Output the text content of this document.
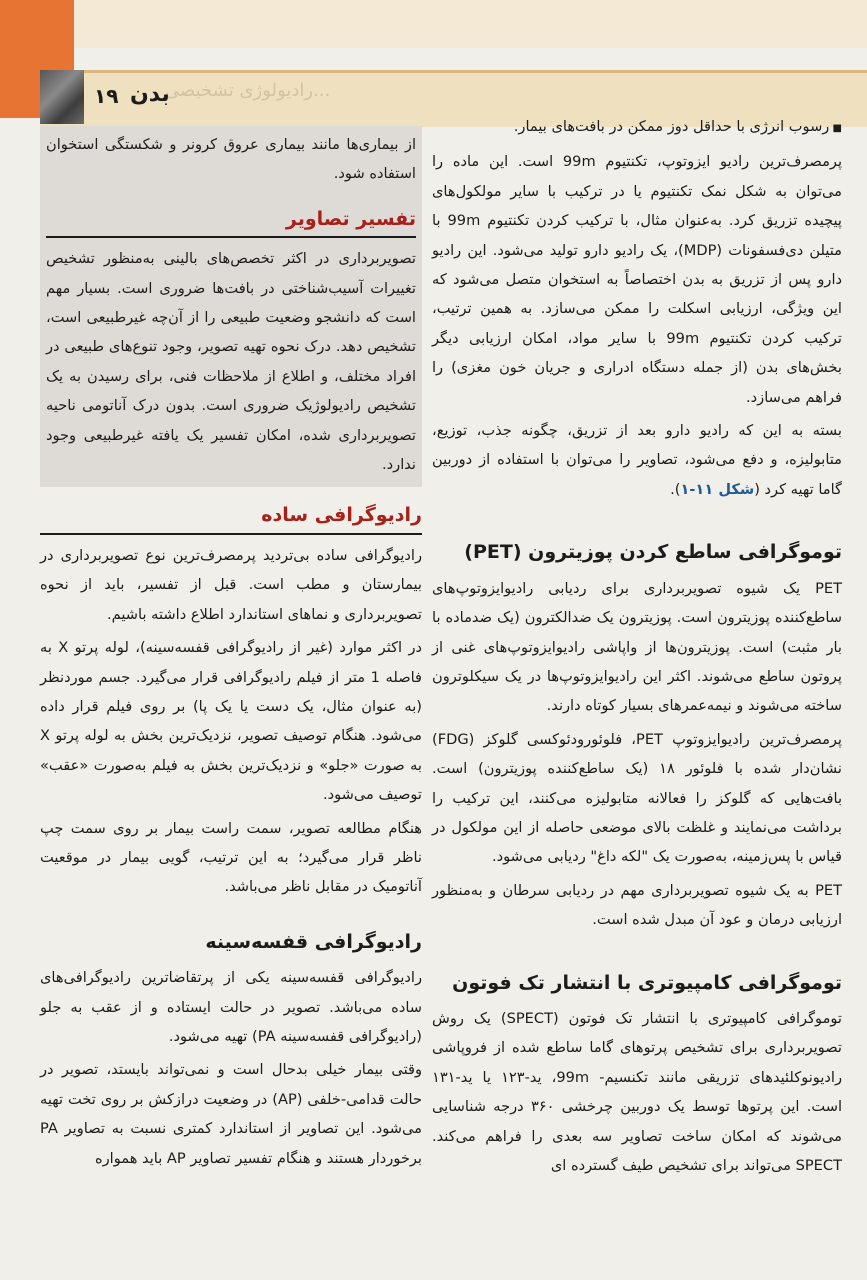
...رادیولوژی تشخیصی
۱۹ بدن

■ رسوب انرژی با حداقل دوز ممکن در بافت‌های بیمار.

پرمصرف‌ترین رادیو ایزوتوپ، تکنتیوم 99m است. این ماده را می‌توان به شکل نمک تکنتیوم یا در ترکیب با سایر مولکول‌های پیچیده تزریق کرد. به‌عنوان مثال، با ترکیب کردن تکنتیوم 99m با متیلن دی‌فسفونات (MDP)، یک رادیو دارو تولید می‌شود. این رادیو دارو پس از تزریق به بدن اختصاصاً به استخوان متصل می‌شود که این ویژگی، ارزیابی اسکلت را ممکن می‌سازد. به همین ترتیب، ترکیب کردن تکنتیوم 99m با سایر مواد، امکان ارزیابی دیگر بخش‌های بدن (از جمله دستگاه ادراری و جریان خون مغزی) را فراهم می‌سازد.

بسته به این که رادیو دارو بعد از تزریق، چگونه جذب، توزیع، متابولیزه، و دفع می‌شود، تصاویر را می‌توان با استفاده از دوربین گاما تهیه کرد (شکل ۱۱-۱).

توموگرافی ساطع کردن پوزیترون (PET)

PET یک شیوه تصویربرداری برای ردیابی رادیوایزوتوپ‌های ساطع‌کننده پوزیترون است. پوزیترون یک ضدالکترون (یک ضدماده با بار مثبت) است. پوزیترون‌ها از واپاشی رادیوایزوتوپ‌های غنی از پروتون ساطع می‌شوند. اکثر این رادیوایزوتوپ‌ها در یک سیکلوترون ساخته می‌شوند و نیمه‌عمرهای بسیار کوتاه دارند.

پرمصرف‌ترین رادیوایزوتوپ PET، فلوئورودئوکسی گلوکز (FDG) نشان‌دار شده با فلوئور ۱۸ (یک ساطع‌کننده پوزیترون) است. بافت‌هایی که گلوکز را فعالانه متابولیزه می‌کنند، این ترکیب را برداشت می‌نمایند و غلظت بالای موضعی حاصله از این مولکول در قیاس با پس‌زمینه، به‌صورت یک "لکه داغ" ردیابی می‌شود.

PET به یک شیوه تصویربرداری مهم در ردیابی سرطان و به‌منظور ارزیابی درمان و عود آن مبدل شده است.

توموگرافی کامپیوتری با انتشار تک فوتون

توموگرافی کامپیوتری با انتشار تک فوتون (SPECT) یک روش تصویربرداری برای تشخیص پرتوهای گاما ساطع شده از فروپاشی رادیونوکلئیدهای تزریقی مانند تکنسیم- 99m، ید-۱۲۳ یا ید-۱۳۱ است. این پرتوها توسط یک دوربین چرخشی ۳۶۰ درجه شناسایی می‌شوند که امکان ساخت تصاویر سه بعدی را فراهم می‌کند. SPECT می‌تواند برای تشخیص طیف گسترده ای

از بیماری‌ها مانند بیماری عروق کرونر و شکستگی استخوان استفاده شود.

تفسیر تصاویر

تصویربرداری در اکثر تخصص‌های بالینی به‌منظور تشخیص تغییرات آسیب‌شناختی در بافت‌ها ضروری است. بسیار مهم است که دانشجو وضعیت طبیعی را از آن‌چه غیرطبیعی است، تشخیص دهد. درک نحوه تهیه تصویر، وجود تنوع‌های طبیعی در افراد مختلف، و اطلاع از ملاحظات فنی، برای رسیدن به یک تشخیص رادیولوژیک ضروری است. بدون درک آناتومی ناحیه تصویربرداری شده، امکان تفسیر یک یافته غیرطبیعی وجود ندارد.

رادیوگرافی ساده

رادیوگرافی ساده بی‌تردید پرمصرف‌ترین نوع تصویربرداری در بیمارستان و مطب است. قبل از تفسیر، باید از نحوه تصویربرداری و نماهای استاندارد اطلاع داشته باشیم.

در اکثر موارد (غیر از رادیوگرافی قفسه‌سینه)، لوله پرتو X به فاصله 1 متر از فیلم رادیوگرافی قرار می‌گیرد. جسم موردنظر (به عنوان مثال، یک دست یا یک پا) بر روی فیلم قرار داده می‌شود. هنگام توصیف تصویر، نزدیک‌ترین بخش به لوله پرتو X به صورت «جلو» و نزدیک‌ترین بخش به فیلم به‌صورت «عقب» توصیف می‌شود.

هنگام مطالعه تصویر، سمت راست بیمار بر روی سمت چپ ناظر قرار می‌گیرد؛ به این ترتیب، گویی بیمار در موقعیت آناتومیک در مقابل ناظر می‌باشد.

رادیوگرافی قفسه‌سینه

رادیوگرافی قفسه‌سینه یکی از پرتقاضاترین رادیوگرافی‌های ساده می‌باشد. تصویر در حالت ایستاده و از عقب به جلو (رادیوگرافی قفسه‌سینه PA) تهیه می‌شود.

وقتی بیمار خیلی بدحال است و نمی‌تواند بایستد، تصویر در حالت قدامی-خلفی (AP) در وضعیت درازکش بر روی تخت تهیه می‌شود. این تصاویر از استاندارد کمتری نسبت به تصاویر PA برخوردار هستند و هنگام تفسیر تصاویر AP باید همواره
